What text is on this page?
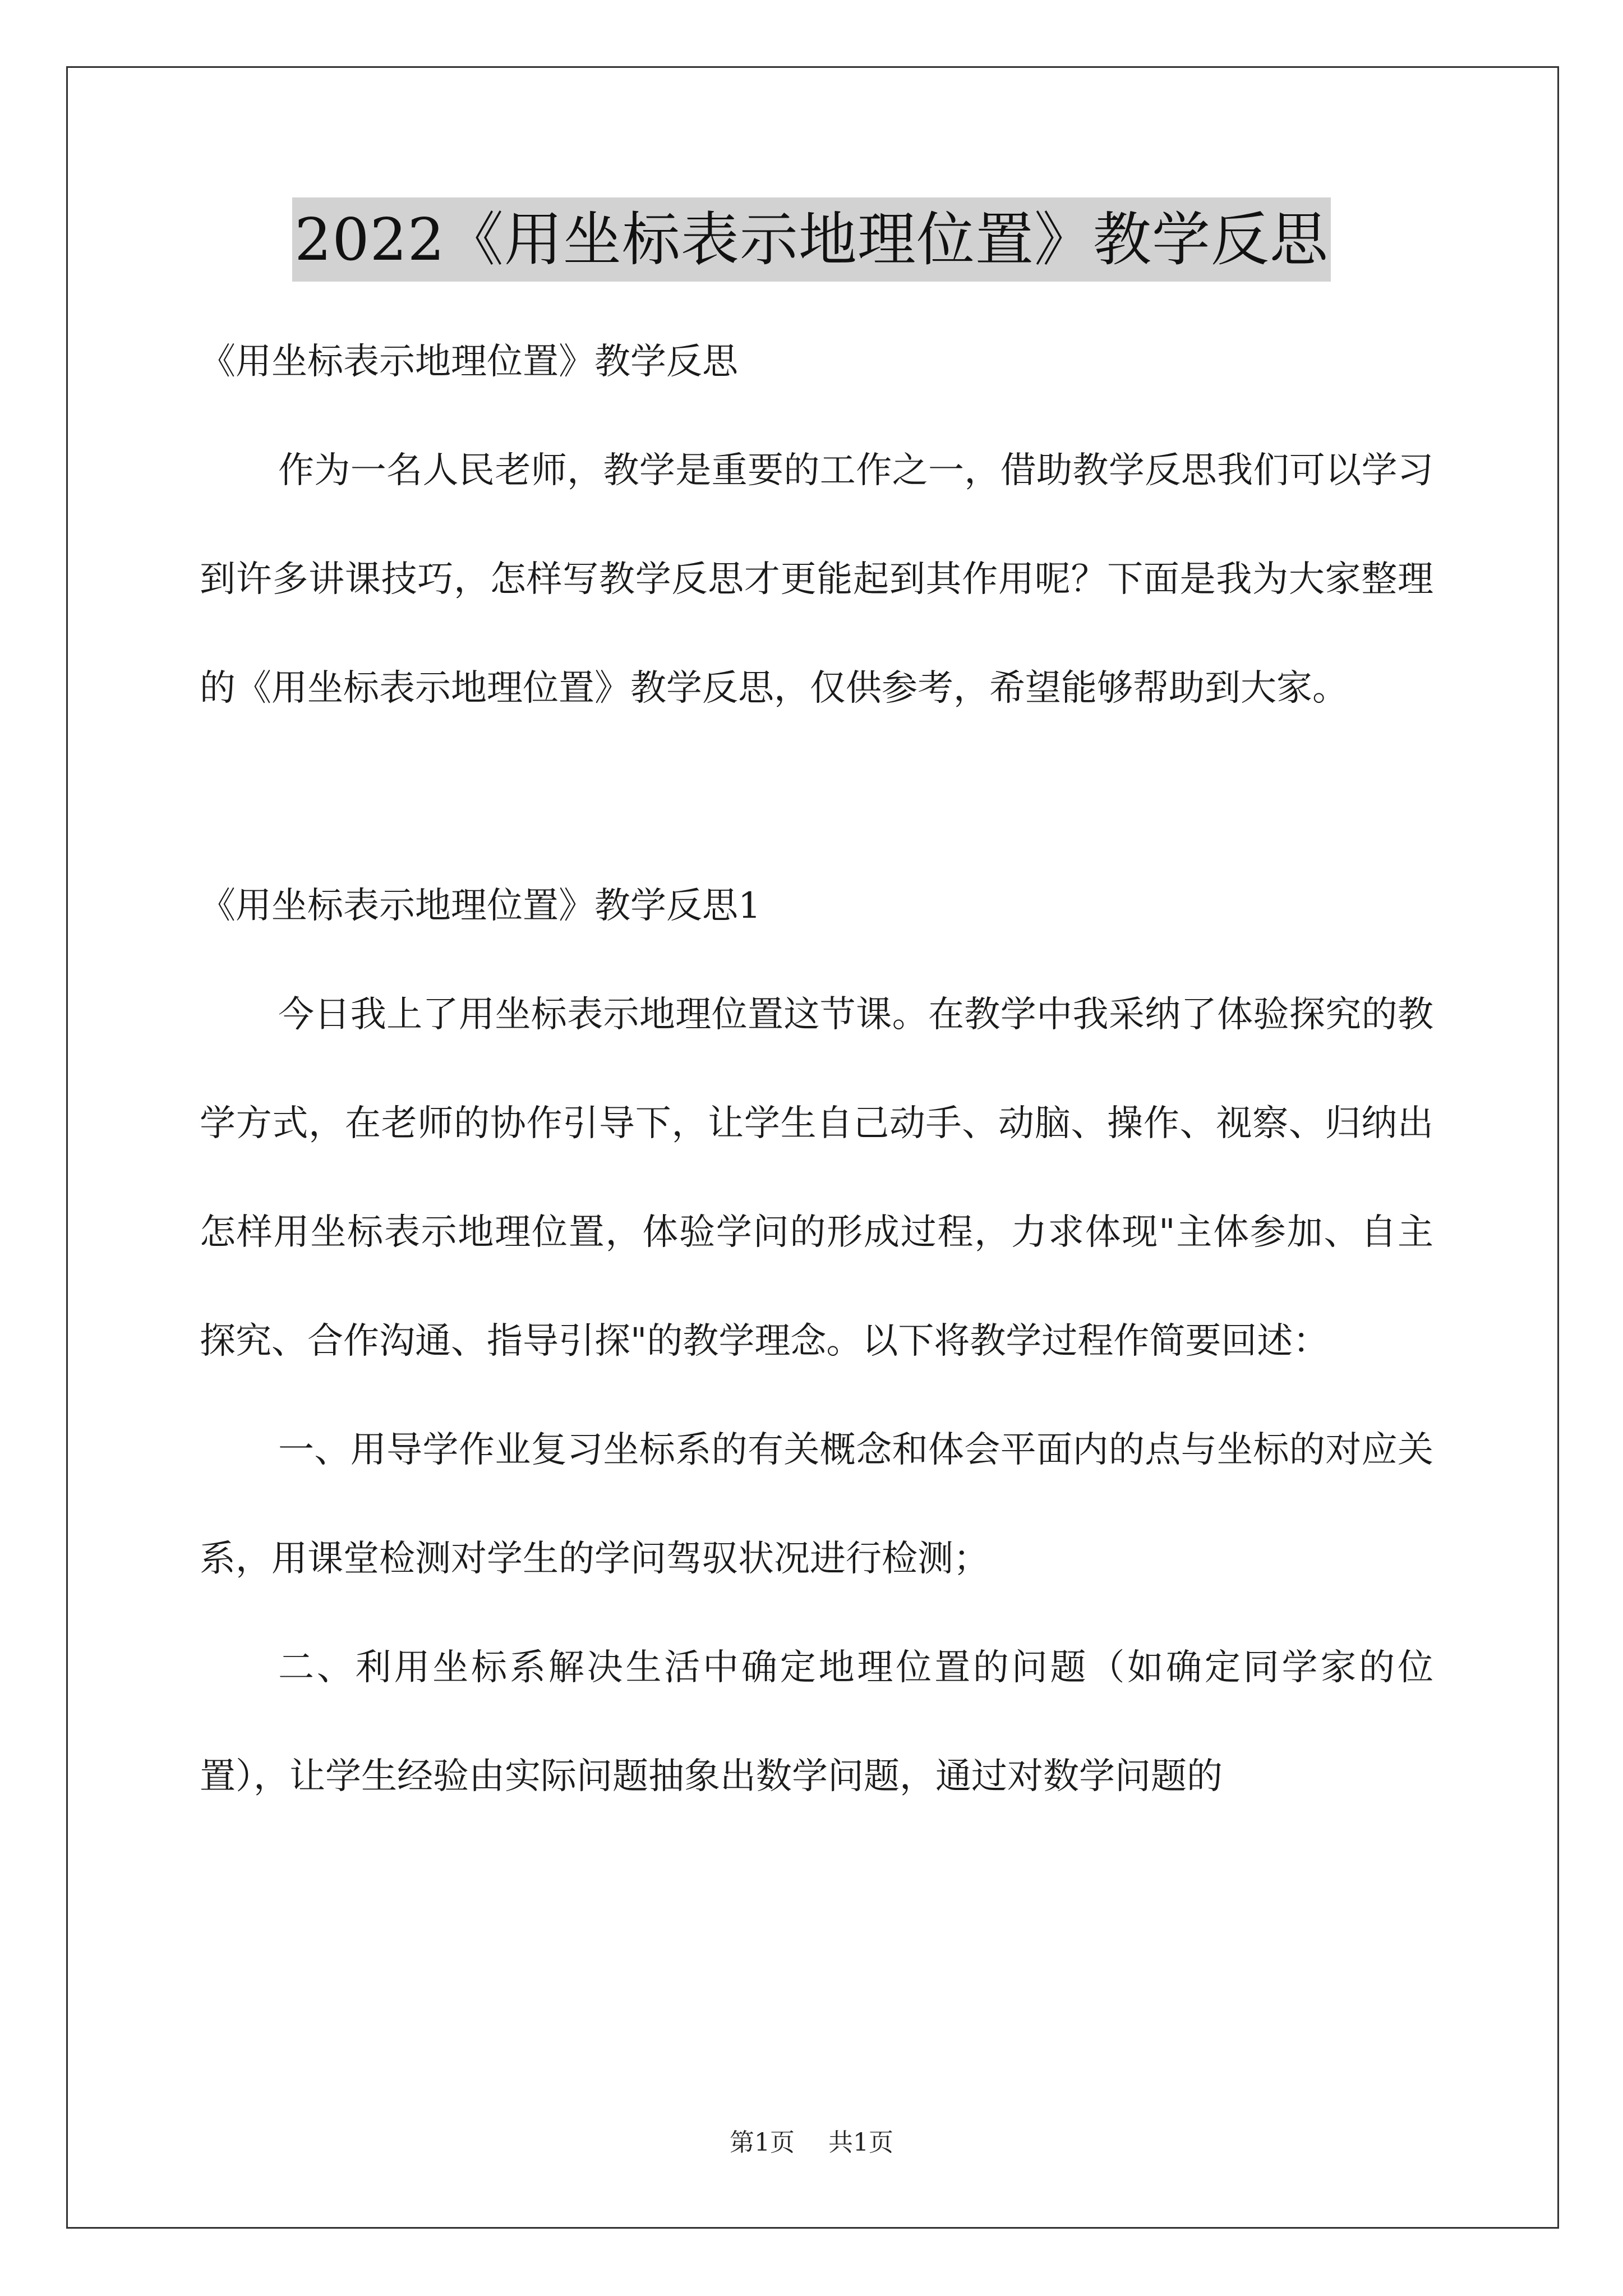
2022《用坐标表示地理位置》教学反思

《用坐标表示地理位置》教学反思

作为一名人民老师，教学是重要的工作之一，借助教学反思我们可以学习到许多讲课技巧，怎样写教学反思才更能起到其作用呢？下面是我为大家整理的《用坐标表示地理位置》教学反思，仅供参考，希望能够帮助到大家。

《用坐标表示地理位置》教学反思1

今日我上了用坐标表示地理位置这节课。在教学中我采纳了体验探究的教学方式，在老师的协作引导下，让学生自己动手、动脑、操作、视察、归纳出怎样用坐标表示地理位置，体验学问的形成过程，力求体现"主体参加、自主探究、合作沟通、指导引探"的教学理念。以下将教学过程作简要回述：

一、用导学作业复习坐标系的有关概念和体会平面内的点与坐标的对应关系，用课堂检测对学生的学问驾驭状况进行检测；

二、利用坐标系解决生活中确定地理位置的问题（如确定同学家的位置），让学生经验由实际问题抽象出数学问题，通过对数学问题的

第1页 共1页
